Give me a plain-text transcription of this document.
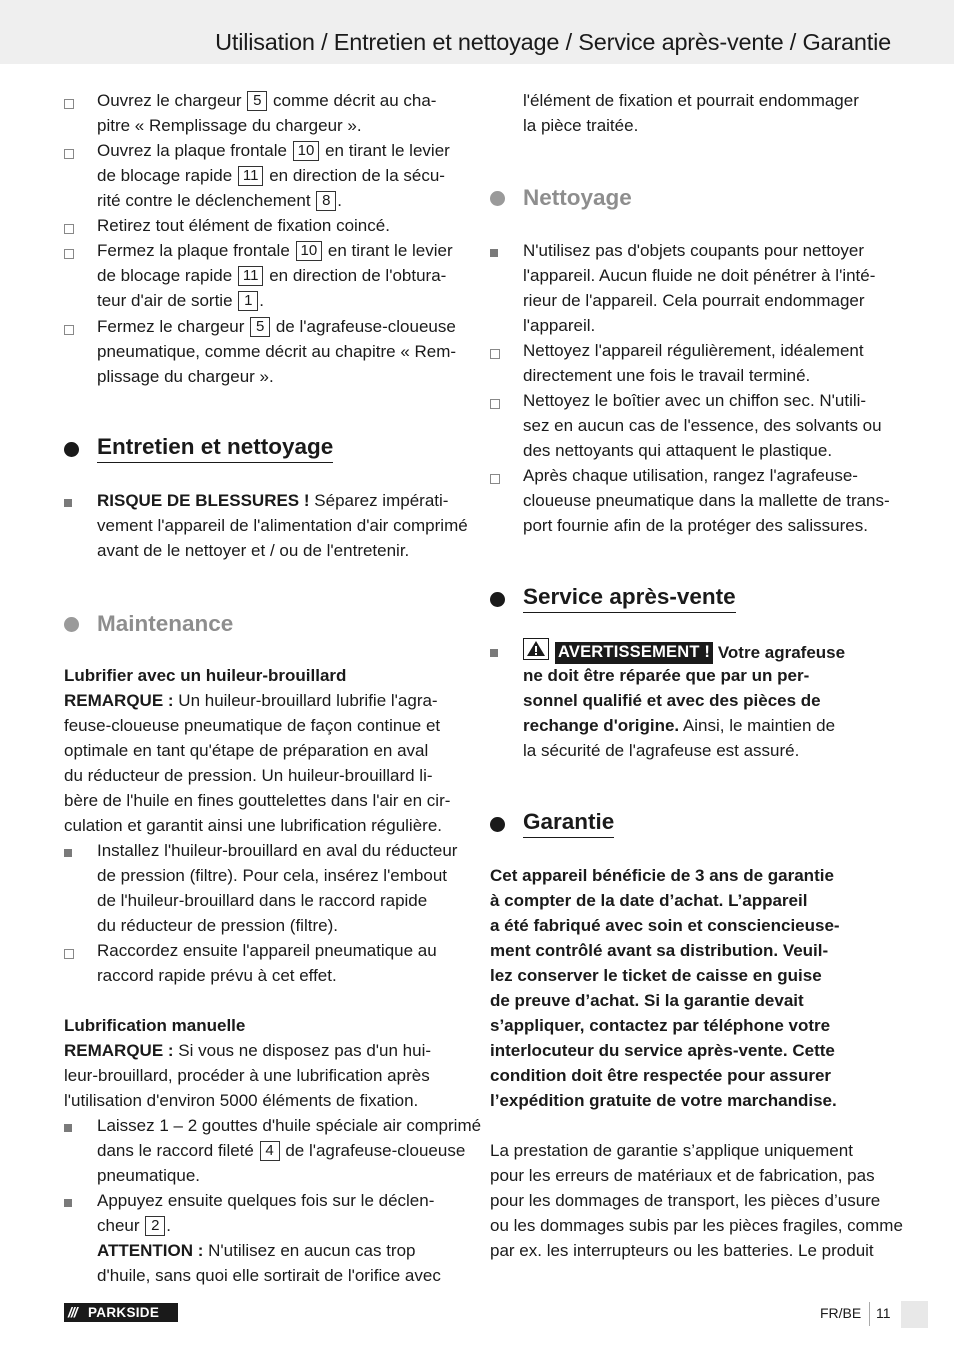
Utilisation / Entretien et nettoyage / Service après-vente / Garantie
Ouvrez le chargeur 5 comme décrit au cha-
pitre « Remplissage du chargeur ».
Ouvrez la plaque frontale 10 en tirant le levier
de blocage rapide 11 en direction de la sécu-
rité contre le déclenchement 8 .
Retirez tout élément de fixation coincé.
Fermez la plaque frontale 10 en tirant le levier
de blocage rapide 11 en direction de l'obtura-
teur d'air de sortie 1 .
Fermez le chargeur 5 de l'agrafeuse-cloueuse
pneumatique, comme décrit au chapitre « Rem-
plissage du chargeur ».
Entretien et nettoyage
RISQUE DE BLESSURES ! Séparez impérati-
vement l'appareil de l'alimentation d'air comprimé
avant de le nettoyer et / ou de l'entretenir.
Maintenance
Lubrifier avec un huileur-brouillard
REMARQUE : Un huileur-brouillard lubrifie l'agra-
feuse-cloueuse pneumatique de façon continue et
optimale en tant qu'étape de préparation en aval
du réducteur de pression. Un huileur-brouillard li-
bère de l'huile en fines gouttelettes dans l'air en cir-
culation et garantit ainsi une lubrification régulière.
Installez l'huileur-brouillard en aval du réducteur
de pression (filtre). Pour cela, insérez l'embout
de l'huileur-brouillard dans le raccord rapide
du réducteur de pression (filtre).
Raccordez ensuite l'appareil pneumatique au
raccord rapide prévu à cet effet.
Lubrification manuelle
REMARQUE : Si vous ne disposez pas d'un hui-
leur-brouillard, procéder à une lubrification après
l'utilisation d'environ 5000 éléments de fixation.
Laissez 1 – 2 gouttes d'huile spéciale air comprimé
dans le raccord fileté 4 de l'agrafeuse-cloueuse
pneumatique.
Appuyez ensuite quelques fois sur le déclen-
cheur 2 .
ATTENTION : N'utilisez en aucun cas trop
d'huile, sans quoi elle sortirait de l'orifice avec
l'élément de fixation et pourrait endommager
la pièce traitée.
Nettoyage
N'utilisez pas d'objets coupants pour nettoyer
l'appareil. Aucun fluide ne doit pénétrer à l'inté-
rieur de l'appareil. Cela pourrait endommager
l'appareil.
Nettoyez l'appareil régulièrement, idéalement
directement une fois le travail terminé.
Nettoyez le boîtier avec un chiffon sec. N'utili-
sez en aucun cas de l'essence, des solvants ou
des nettoyants qui attaquent le plastique.
Après chaque utilisation, rangez l'agrafeuse-
cloueuse pneumatique dans la mallette de trans-
port fournie afin de la protéger des salissures.
Service après-vente
AVERTISSEMENT ! Votre agrafeuse
ne doit être réparée que par un per-
sonnel qualifié et avec des pièces de
rechange d'origine. Ainsi, le maintien de
la sécurité de l'agrafeuse est assuré.
Garantie
Cet appareil bénéficie de 3 ans de garantie
à compter de la date d’achat. L’appareil
a été fabriqué avec soin et consciencieuse-
ment contrôlé avant sa distribution. Veuil-
lez conserver le ticket de caisse en guise
de preuve d’achat. Si la garantie devait
s’appliquer, contactez par téléphone votre
interlocuteur du service après-vente. Cette
condition doit être respectée pour assurer
l’expédition gratuite de votre marchandise.
La prestation de garantie s’applique uniquement
pour les erreurs de matériaux et de fabrication, pas
pour les dommages de transport, les pièces d’usure
ou les dommages subis par les pièces fragiles, comme
par ex. les interrupteurs ou les batteries. Le produit
/// PARKSIDE	FR/BE 11
